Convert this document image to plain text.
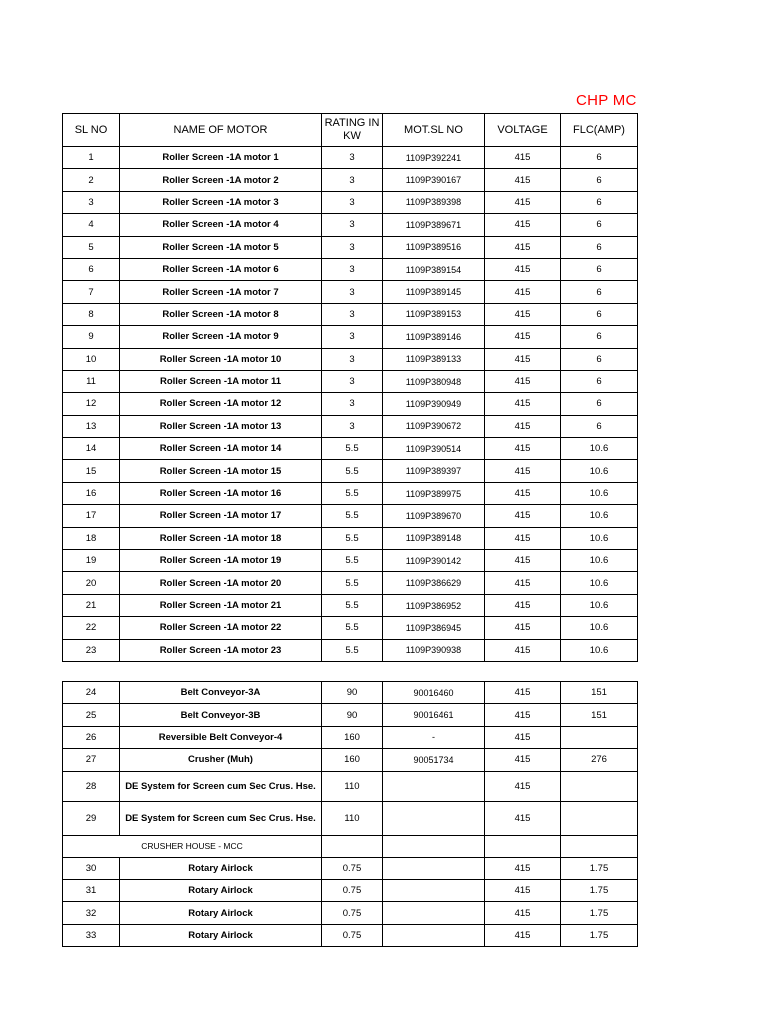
CHP MC
SL NO	NAME OF MOTOR	RATING IN KW	MOT.SL NO	VOLTAGE	FLC(AMP)
1	Roller Screen -1A motor 1	3	1109P392241	415	6
2	Roller Screen -1A motor 2	3	1109P390167	415	6
3	Roller Screen -1A motor 3	3	1109P389398	415	6
4	Roller Screen -1A motor 4	3	1109P389671	415	6
5	Roller Screen -1A motor 5	3	1109P389516	415	6
6	Roller Screen -1A motor 6	3	1109P389154	415	6
7	Roller Screen -1A motor 7	3	1109P389145	415	6
8	Roller Screen -1A motor 8	3	1109P389153	415	6
9	Roller Screen -1A motor 9	3	1109P389146	415	6
10	Roller Screen -1A motor 10	3	1109P389133	415	6
11	Roller Screen -1A motor 11	3	1109P380948	415	6
12	Roller Screen -1A motor 12	3	1109P390949	415	6
13	Roller Screen -1A motor 13	3	1109P390672	415	6
14	Roller Screen -1A motor 14	5.5	1109P390514	415	10.6
15	Roller Screen -1A motor 15	5.5	1109P389397	415	10.6
16	Roller Screen -1A motor 16	5.5	1109P389975	415	10.6
17	Roller Screen -1A motor 17	5.5	1109P389670	415	10.6
18	Roller Screen -1A motor 18	5.5	1109P389148	415	10.6
19	Roller Screen -1A motor 19	5.5	1109P390142	415	10.6
20	Roller Screen -1A motor 20	5.5	1109P386629	415	10.6
21	Roller Screen -1A motor 21	5.5	1109P386952	415	10.6
22	Roller Screen -1A motor 22	5.5	1109P386945	415	10.6
23	Roller Screen -1A motor 23	5.5	1109P390938	415	10.6
24	Belt Conveyor-3A	90	90016460	415	151
25	Belt Conveyor-3B	90	90016461	415	151
26	Reversible Belt Conveyor-4	160	-	415	
27	Crusher (Muh)	160	90051734	415	276
28	DE System for Screen cum Sec Crus. Hse.	110		415	
29	DE System for Screen cum Sec Crus. Hse.	110		415	
CRUSHER HOUSE - MCC					
30	Rotary Airlock	0.75		415	1.75
31	Rotary Airlock	0.75		415	1.75
32	Rotary Airlock	0.75		415	1.75
33	Rotary Airlock	0.75		415	1.75
